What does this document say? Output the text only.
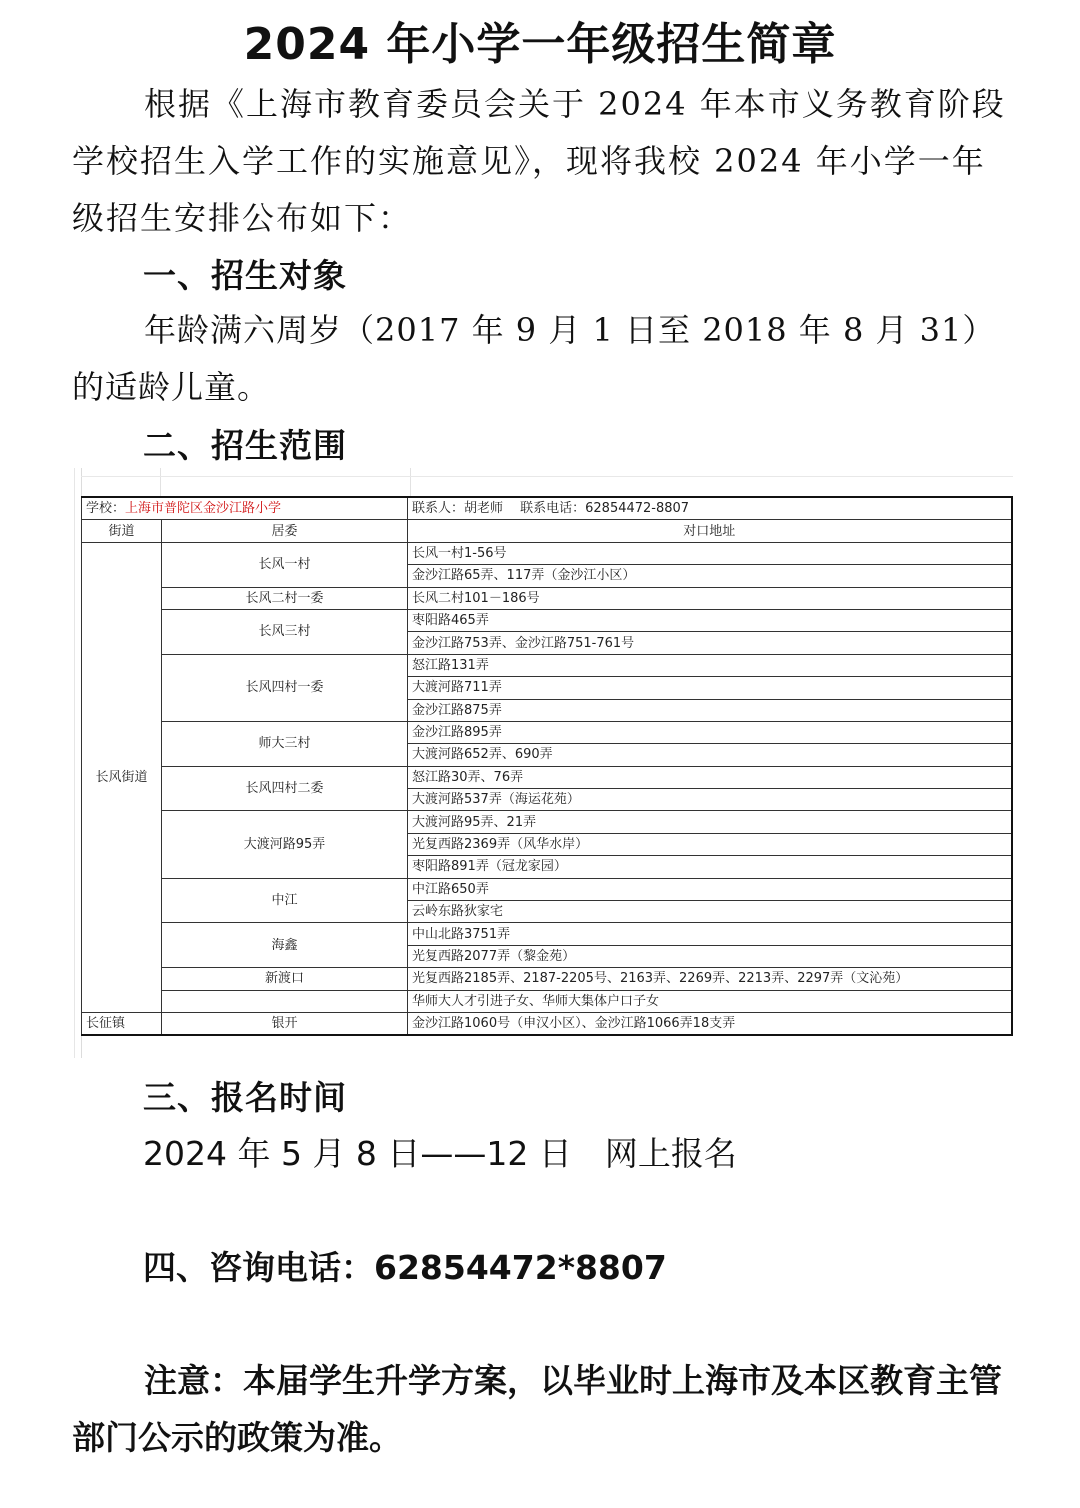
2024 年小学一年级招生简章

根据《上海市教育委员会关于 2024 年本市义务教育阶段学校招生入学工作的实施意见》，现将我校 2024 年小学一年级招生安排公布如下：

一、招生对象

年龄满六周岁（2017 年 9 月 1 日至 2018 年 8 月 31）的适龄儿童。

二、招生范围
学校：上海市普陀区金沙江路小学		联系人：胡老师　 联系电话：62854472-8807
街道	居委	对口地址
长风街道	长风一村	长风一村1-56号
		金沙江路65弄、117弄（金沙江小区）
	长风二村一委	长风二村101－186号
	长风三村	枣阳路465弄
		金沙江路753弄、金沙江路751-761号
	长风四村一委	怒江路131弄
		大渡河路711弄
		金沙江路875弄
	师大三村	金沙江路895弄
		大渡河路652弄、690弄
	长风四村二委	怒江路30弄、76弄
		大渡河路537弄（海运花苑）
	大渡河路95弄	大渡河路95弄、21弄
		光复西路2369弄（风华水岸）
		枣阳路891弄（冠龙家园）
	中江	中江路650弄
		云岭东路狄家宅
	海鑫	中山北路3751弄
		光复西路2077弄（黎金苑）
	新渡口	光复西路2185弄、2187-2205号、2163弄、2269弄、2213弄、2297弄（文沁苑）
		华师大人才引进子女、华师大集体户口子女
长征镇	银开	金沙江路1060号（申汉小区）、金沙江路1066弄18支弄
三、报名时间

2024 年 5 月 8 日——12 日　网上报名

四、咨询电话：62854472*8807

注意：本届学生升学方案，以毕业时上海市及本区教育主管部门公示的政策为准。
